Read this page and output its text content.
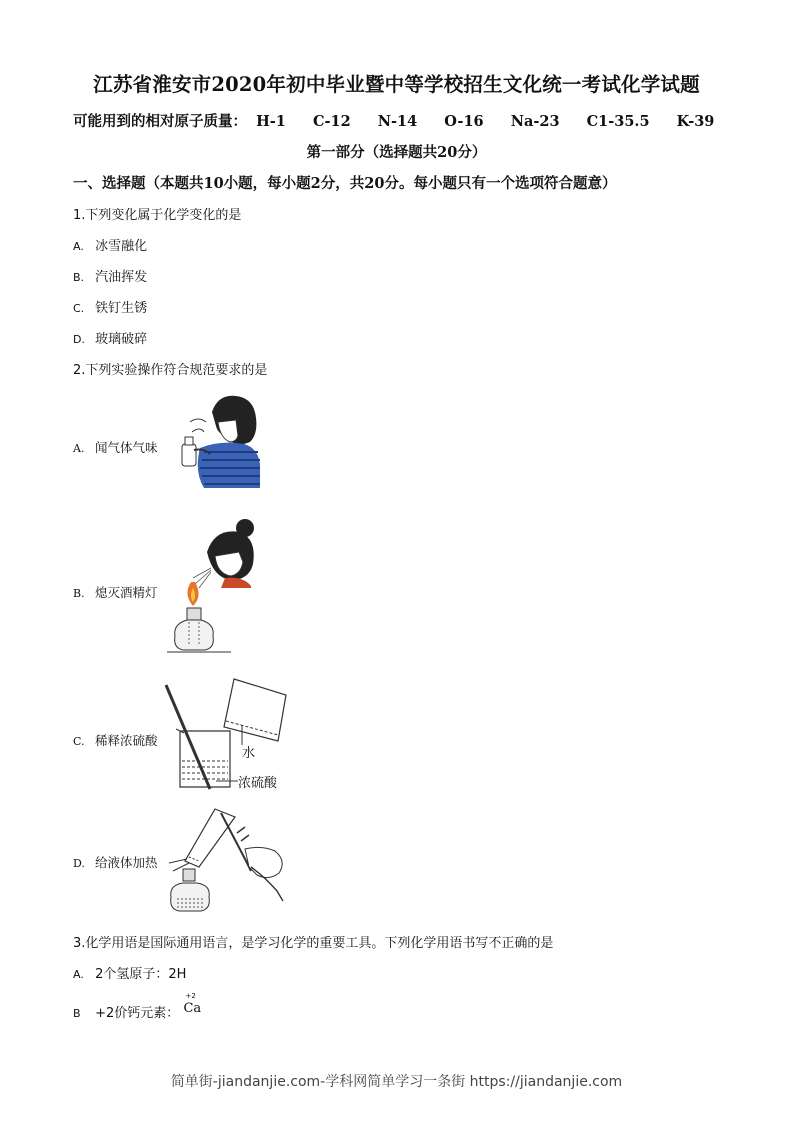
江苏省淮安市2020年初中毕业暨中等学校招生文化统一考试化学试题
可能用到的相对原子质量： H-1 C-12 N-14 O-16 Na-23 C1-35.5 K-39
第一部分（选择题共20分）
一、选择题（本题共10小题，每小题2分，共20分。每小题只有一个选项符合题意）
1.下列变化属于化学变化的是
A. 冰雪融化
B. 汽油挥发
C. 铁钉生锈
D. 玻璃破碎
2.下列实验操作符合规范要求的是
A. 闻气体气味
B. 熄灭酒精灯
C. 稀释浓硫酸
水
浓硫酸
D. 给液体加热
3.化学用语是国际通用语言，是学习化学的重要工具。下列化学用语书写不正确的是
A. 2个氢原子：2H
B +2价钙元素：
+2
Ca
简单街-jiandanjie.com-学科网简单学习一条街 https://jiandanjie.com
